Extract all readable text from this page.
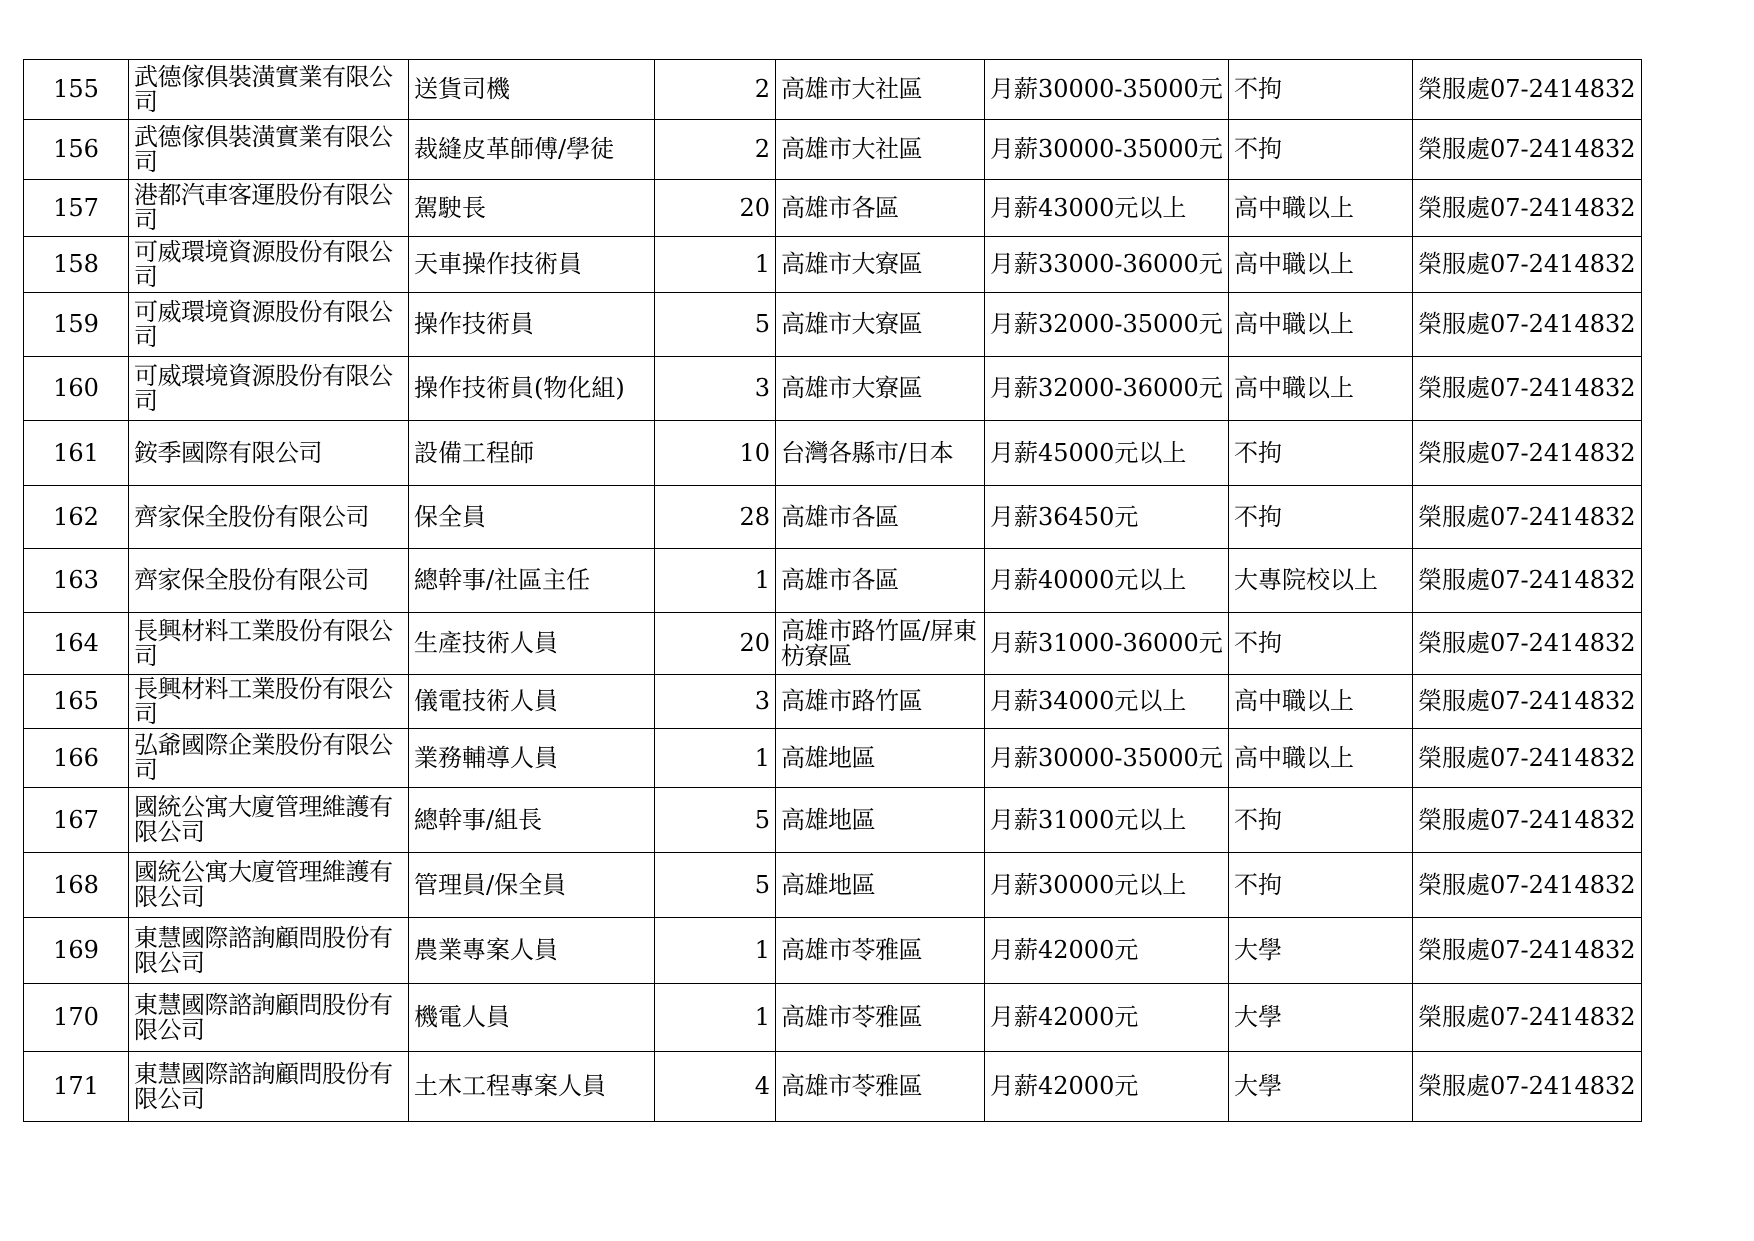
155	武德傢俱裝潢實業有限公司	送貨司機	2	高雄市大社區	月薪30000-35000元	不拘	榮服處07-2414832
156	武德傢俱裝潢實業有限公司	裁縫皮革師傅/學徒	2	高雄市大社區	月薪30000-35000元	不拘	榮服處07-2414832
157	港都汽車客運股份有限公司	駕駛長	20	高雄市各區	月薪43000元以上	高中職以上	榮服處07-2414832
158	可威環境資源股份有限公司	天車操作技術員	1	高雄市大寮區	月薪33000-36000元	高中職以上	榮服處07-2414832
159	可威環境資源股份有限公司	操作技術員	5	高雄市大寮區	月薪32000-35000元	高中職以上	榮服處07-2414832
160	可威環境資源股份有限公司	操作技術員(物化組)	3	高雄市大寮區	月薪32000-36000元	高中職以上	榮服處07-2414832
161	銨季國際有限公司	設備工程師	10	台灣各縣市/日本	月薪45000元以上	不拘	榮服處07-2414832
162	齊家保全股份有限公司	保全員	28	高雄市各區	月薪36450元	不拘	榮服處07-2414832
163	齊家保全股份有限公司	總幹事/社區主任	1	高雄市各區	月薪40000元以上	大專院校以上	榮服處07-2414832
164	長興材料工業股份有限公司	生產技術人員	20	高雄市路竹區/屏東枋寮區	月薪31000-36000元	不拘	榮服處07-2414832
165	長興材料工業股份有限公司	儀電技術人員	3	高雄市路竹區	月薪34000元以上	高中職以上	榮服處07-2414832
166	弘爺國際企業股份有限公司	業務輔導人員	1	高雄地區	月薪30000-35000元	高中職以上	榮服處07-2414832
167	國統公寓大廈管理維護有限公司	總幹事/組長	5	高雄地區	月薪31000元以上	不拘	榮服處07-2414832
168	國統公寓大廈管理維護有限公司	管理員/保全員	5	高雄地區	月薪30000元以上	不拘	榮服處07-2414832
169	東慧國際諮詢顧問股份有限公司	農業專案人員	1	高雄市苓雅區	月薪42000元	大學	榮服處07-2414832
170	東慧國際諮詢顧問股份有限公司	機電人員	1	高雄市苓雅區	月薪42000元	大學	榮服處07-2414832
171	東慧國際諮詢顧問股份有限公司	土木工程專案人員	4	高雄市苓雅區	月薪42000元	大學	榮服處07-2414832
